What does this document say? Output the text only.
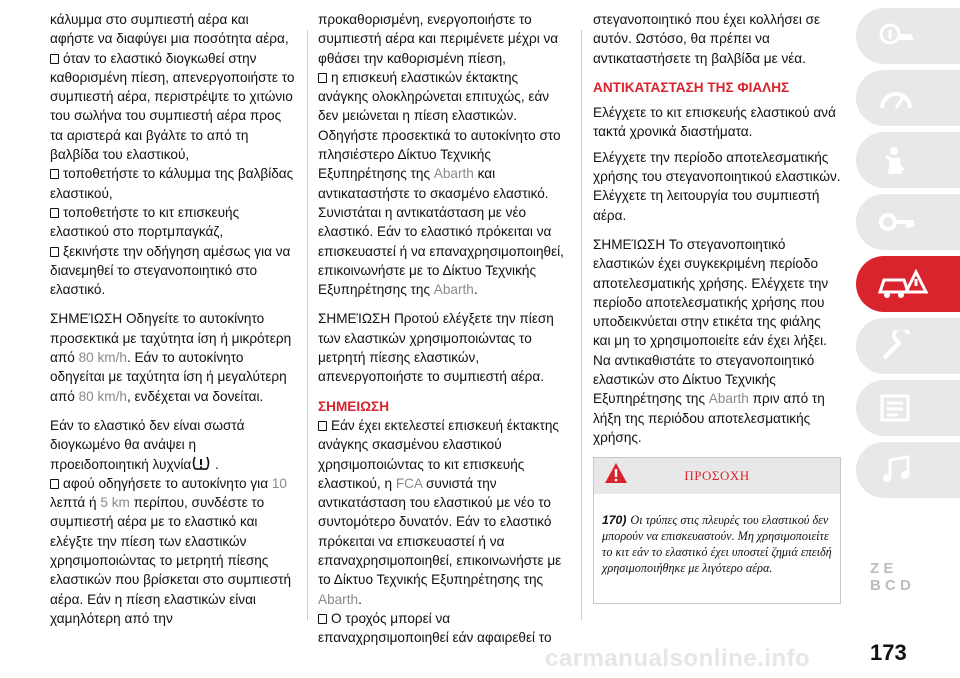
κάλυμμα στο συμπιεστή αέρα και αφήστε να διαφύγει μια ποσότητα αέρα,

όταν το ελαστικό διογκωθεί στην καθορισμένη πίεση, απενεργοποιήστε το συμπιεστή αέρα, περιστρέψτε το χιτώνιο του σωλήνα του συμπιεστή αέρα προς τα αριστερά και βγάλτε το από τη βαλβίδα του ελαστικού,

τοποθετήστε το κάλυμμα της βαλβίδας ελαστικού,

τοποθετήστε το κιτ επισκευής ελαστικού στο πορτμπαγκάζ,

ξεκινήστε την οδήγηση αμέσως για να διανεμηθεί το στεγανοποιητικό στο ελαστικό.

ΣΗΜΕΊΩΣΗ Οδηγείτε το αυτοκίνητο προσεκτικά με ταχύτητα ίση ή μικρότερη από 80 km/h. Εάν το αυτοκίνητο οδηγείται με ταχύτητα ίση ή μεγαλύτερη από 80 km/h, ενδέχεται να δονείται.

Εάν το ελαστικό δεν είναι σωστά διογκωμένο θα ανάψει η προειδοποιητική λυχνία .

αφού οδηγήσετε το αυτοκίνητο για 10 λεπτά ή 5 km περίπου, συνδέστε το συμπιεστή αέρα με το ελαστικό και ελέγξτε την πίεση των ελαστικών χρησιμοποιώντας το μετρητή πίεσης ελαστικών που βρίσκεται στο συμπιεστή αέρα. Εάν η πίεση ελαστικών είναι χαμηλότερη από την

προκαθορισμένη, ενεργοποιήστε το συμπιεστή αέρα και περιμένετε μέχρι να φθάσει την καθορισμένη πίεση,

η επισκευή ελαστικών έκτακτης ανάγκης ολοκληρώνεται επιτυχώς, εάν δεν μειώνεται η πίεση ελαστικών.

Οδηγήστε προσεκτικά το αυτοκίνητο στο πλησιέστερο Δίκτυο Τεχνικής Εξυπηρέτησης της Abarth και αντικαταστήστε το σκασμένο ελαστικό. Συνιστάται η αντικατάσταση με νέο ελαστικό. Εάν το ελαστικό πρόκειται να επισκευαστεί ή να επαναχρησιμοποιηθεί, επικοινωνήστε με το Δίκτυο Τεχνικής Εξυπηρέτησης της Abarth.

ΣΗΜΕΊΩΣΗ Προτού ελέγξετε την πίεση των ελαστικών χρησιμοποιώντας το μετρητή πίεσης ελαστικών, απενεργοποιήστε το συμπιεστή αέρα.

ΣΗΜΕΙΩΣΗ

Εάν έχει εκτελεστεί επισκευή έκτακτης ανάγκης σκασμένου ελαστικού χρησιμοποιώντας το κιτ επισκευής ελαστικού, η FCA συνιστά την αντικατάσταση του ελαστικού με νέο το συντομότερο δυνατόν. Εάν το ελαστικό πρόκειται να επισκευαστεί ή να επαναχρησιμοποιηθεί, επικοινωνήστε με το Δίκτυο Τεχνικής Εξυπηρέτησης της Abarth.

Ο τροχός μπορεί να επαναχρησιμοποιηθεί εάν αφαιρεθεί το

στεγανοποιητικό που έχει κολλήσει σε αυτόν. Ωστόσο, θα πρέπει να αντικαταστήσετε τη βαλβίδα με νέα.

ΑΝΤΙΚΑΤΑΣΤΑΣΗ ΤΗΣ ΦΙΑΛΗΣ

Ελέγχετε το κιτ επισκευής ελαστικού ανά τακτά χρονικά διαστήματα.

Ελέγχετε την περίοδο αποτελεσματικής χρήσης του στεγανοποιητικού ελαστικών. Ελέγχετε τη λειτουργία του συμπιεστή αέρα.

ΣΗΜΕΊΩΣΗ Το στεγανοποιητικό ελαστικών έχει συγκεκριμένη περίοδο αποτελεσματικής χρήσης. Ελέγχετε την περίοδο αποτελεσματικής χρήσης που υποδεικνύεται στην ετικέτα της φιάλης και μη το χρησιμοποιείτε εάν έχει λήξει. Να αντικαθιστάτε το στεγανοποιητικό ελαστικών στο Δίκτυο Τεχνικής Εξυπηρέτησης της Abarth πριν από τη λήξη της περιόδου αποτελεσματικής χρήσης.

ΠΡΟΣΟΧΗ
170) Οι τρύπες στις πλευρές του ελαστικού δεν μπορούν να επισκευαστούν. Μη χρησιμοποιείτε το κιτ εάν το ελαστικό έχει υποστεί ζημιά επειδή χρησιμοποιήθηκε με λιγότερο αέρα.	Z E
B C D
carmanualsonline.info	173
